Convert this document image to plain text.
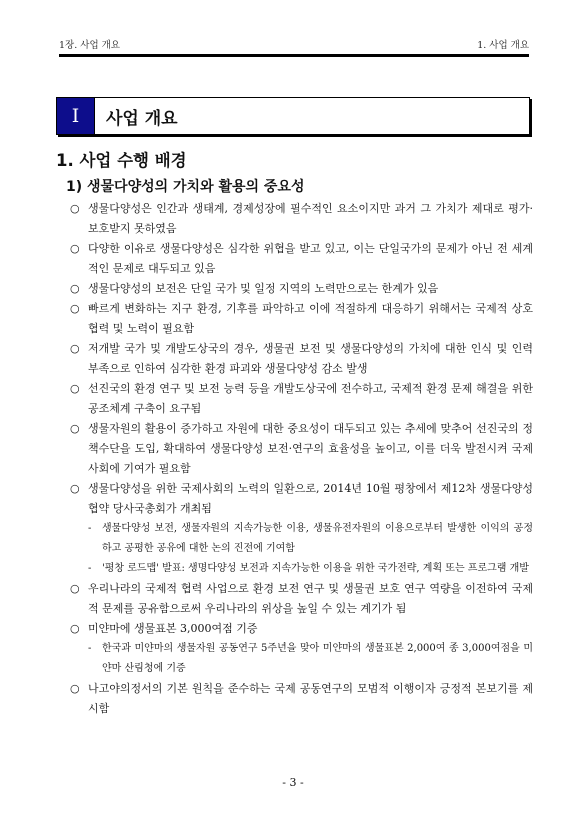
1장. 사업 개요	1. 사업 개요
I	사업 개요
1. 사업 수행 배경
1) 생물다양성의 가치와 활용의 중요성
○ 생물다양성은 인간과 생태계, 경제성장에 필수적인 요소이지만 과거 그 가치가 제대로 평가·보호받지 못하였음
○ 다양한 이유로 생물다양성은 심각한 위협을 받고 있고, 이는 단일국가의 문제가 아닌 전 세계적인 문제로 대두되고 있음
○ 생물다양성의 보전은 단일 국가 및 일정 지역의 노력만으로는 한계가 있음
○ 빠르게 변화하는 지구 환경, 기후를 파악하고 이에 적절하게 대응하기 위해서는 국제적 상호 협력 및 노력이 필요함
○ 저개발 국가 및 개발도상국의 경우, 생물권 보전 및 생물다양성의 가치에 대한 인식 및 인력 부족으로 인하여 심각한 환경 파괴와 생물다양성 감소 발생
○ 선진국의 환경 연구 및 보전 능력 등을 개발도상국에 전수하고, 국제적 환경 문제 해결을 위한 공조체계 구축이 요구됨
○ 생물자원의 활용이 증가하고 자원에 대한 중요성이 대두되고 있는 추세에 맞추어 선진국의 정책수단을 도입, 확대하여 생물다양성 보전·연구의 효율성을 높이고, 이를 더욱 발전시켜 국제사회에 기여가 필요함
○ 생물다양성을 위한 국제사회의 노력의 일환으로, 2014년 10월 평창에서 제12차 생물다양성협약 당사국총회가 개최됨
- 생물다양성 보전, 생물자원의 지속가능한 이용, 생물유전자원의 이용으로부터 발생한 이익의 공정하고 공평한 공유에 대한 논의 진전에 기여함
- '평창 로드맵' 발표: 생명다양성 보전과 지속가능한 이용을 위한 국가전략, 계획 또는 프로그램 개발
○ 우리나라의 국제적 협력 사업으로 환경 보전 연구 및 생물권 보호 연구 역량을 이전하여 국제적 문제를 공유함으로써 우리나라의 위상을 높일 수 있는 계기가 됨
○ 미얀마에 생물표본 3,000여점 기증
- 한국과 미얀마의 생물자원 공동연구 5주년을 맞아 미얀마의 생물표본 2,000여 종 3,000여점을 미얀마 산림청에 기증
○ 나고야의정서의 기본 원칙을 준수하는 국제 공동연구의 모범적 이행이자 긍정적 본보기를 제시함
- 3 -
